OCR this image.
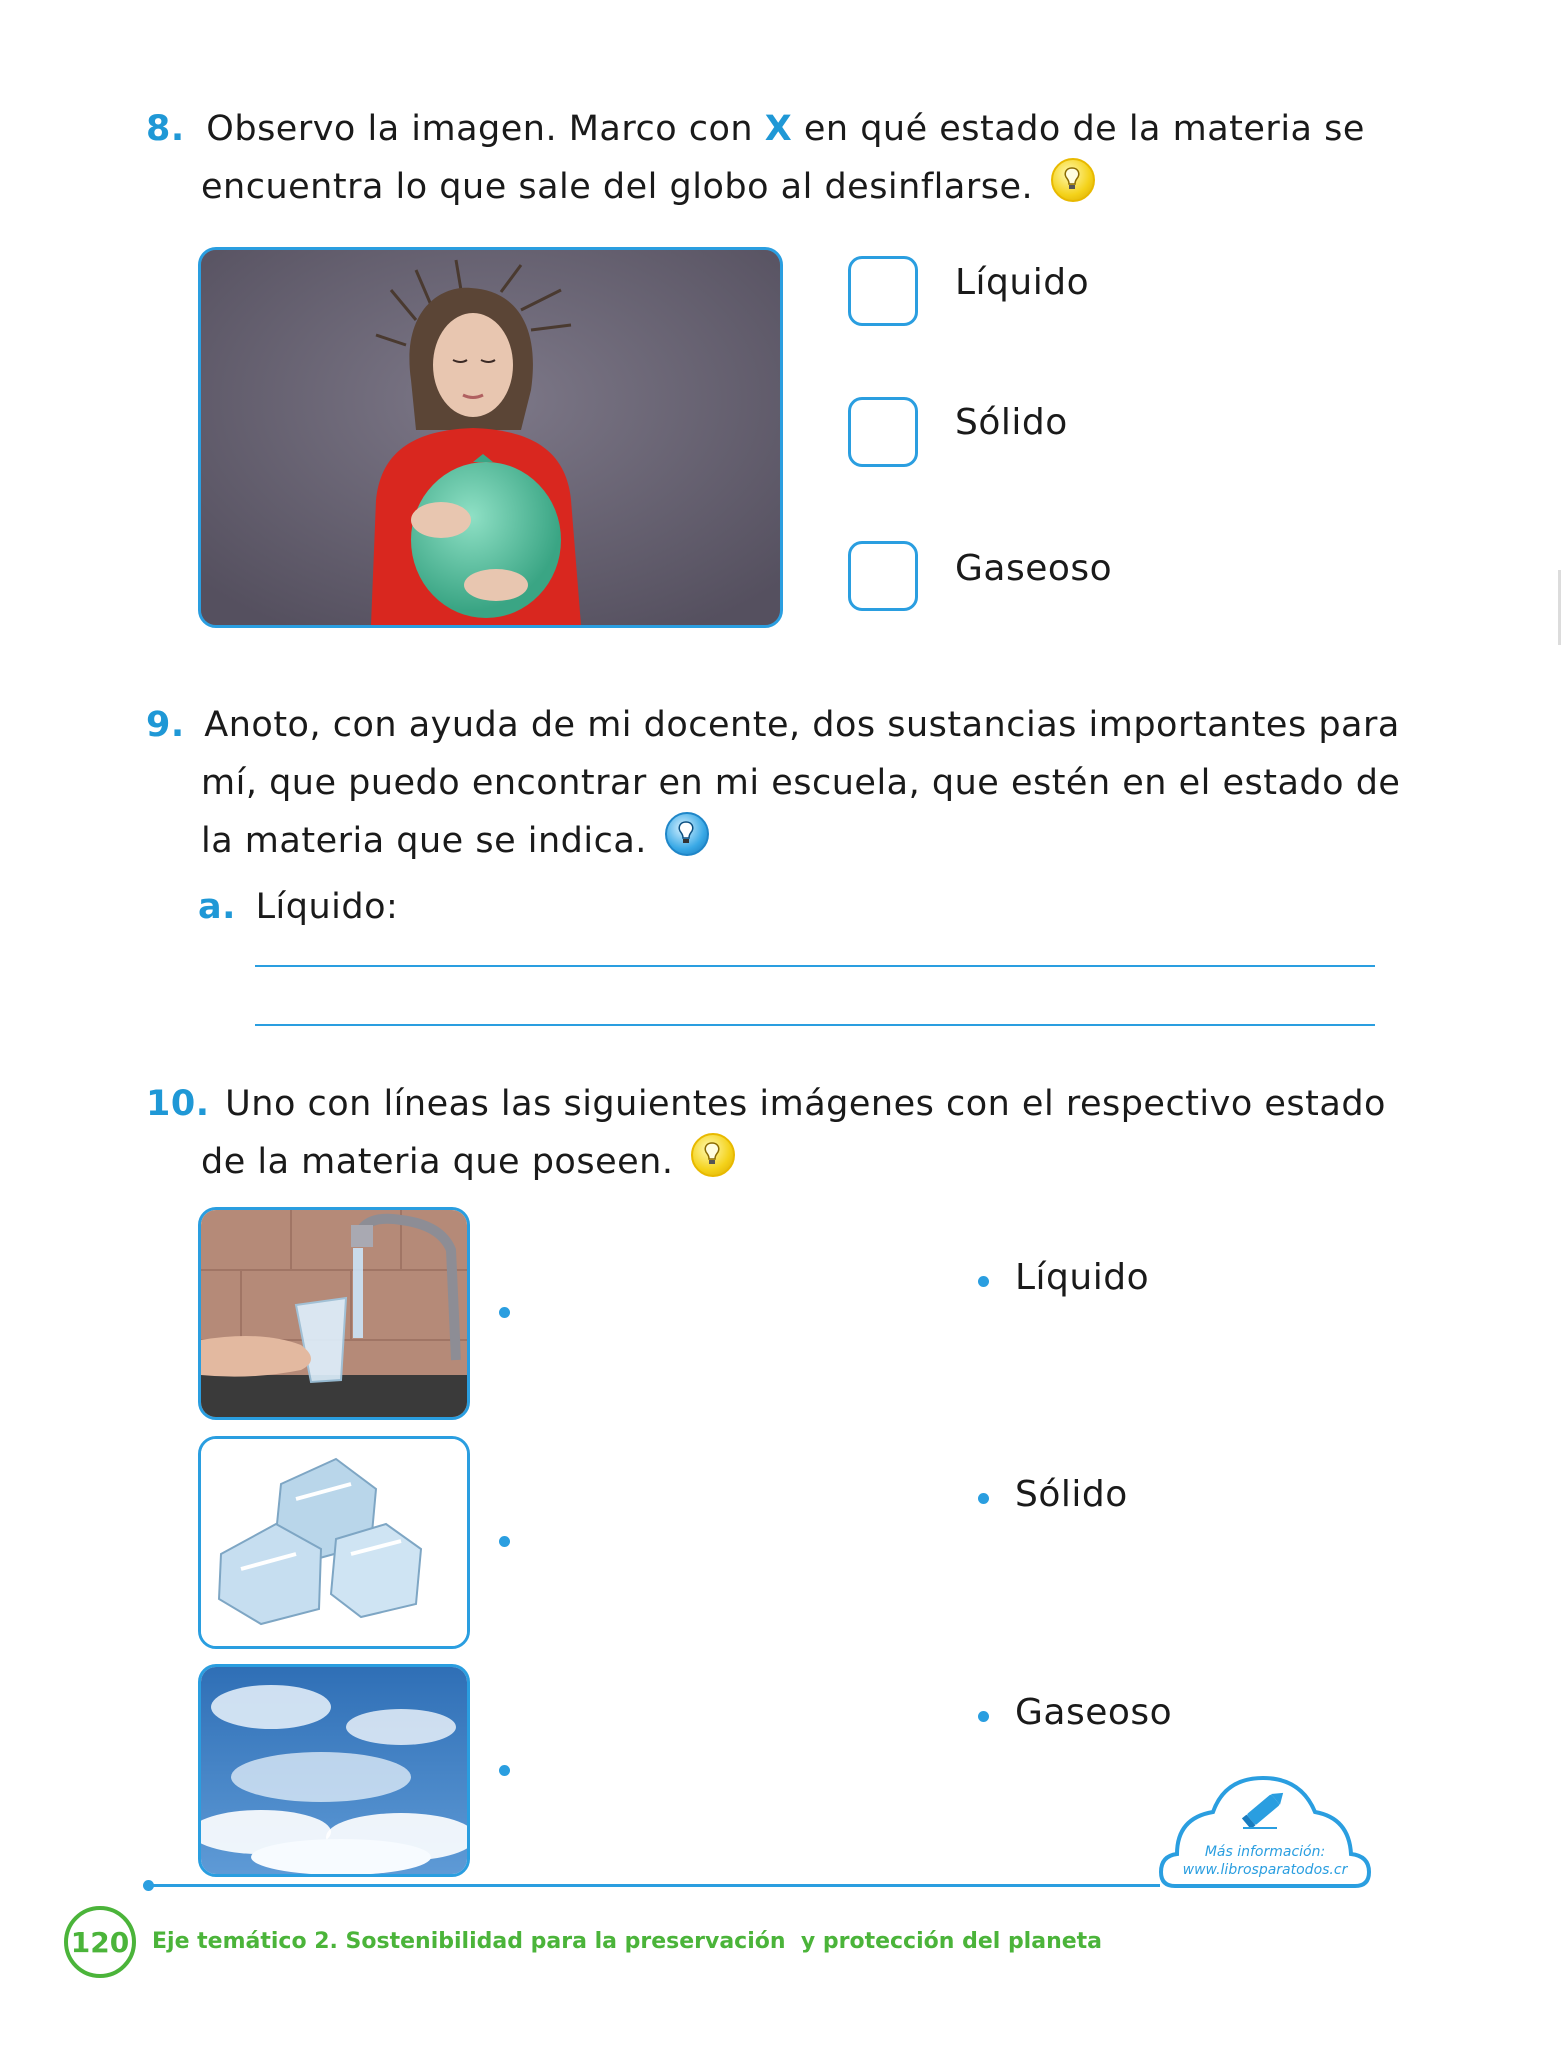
8. Observo la imagen. Marco con X en qué estado de la materia se
encuentra lo que sale del globo al desinflarse.
Líquido
Sólido
Gaseoso
9. Anoto, con ayuda de mi docente, dos sustancias importantes para
mí, que puedo encontrar en mi escuela, que estén en el estado de
la materia que se indica.
a. Líquido:
10. Uno con líneas las siguientes imágenes con el respectivo estado
de la materia que poseen.
Líquido
Sólido
Gaseoso
Más información:
www.librosparatodos.cr
120 Eje temático 2. Sostenibilidad para la preservación  y protección del planeta
